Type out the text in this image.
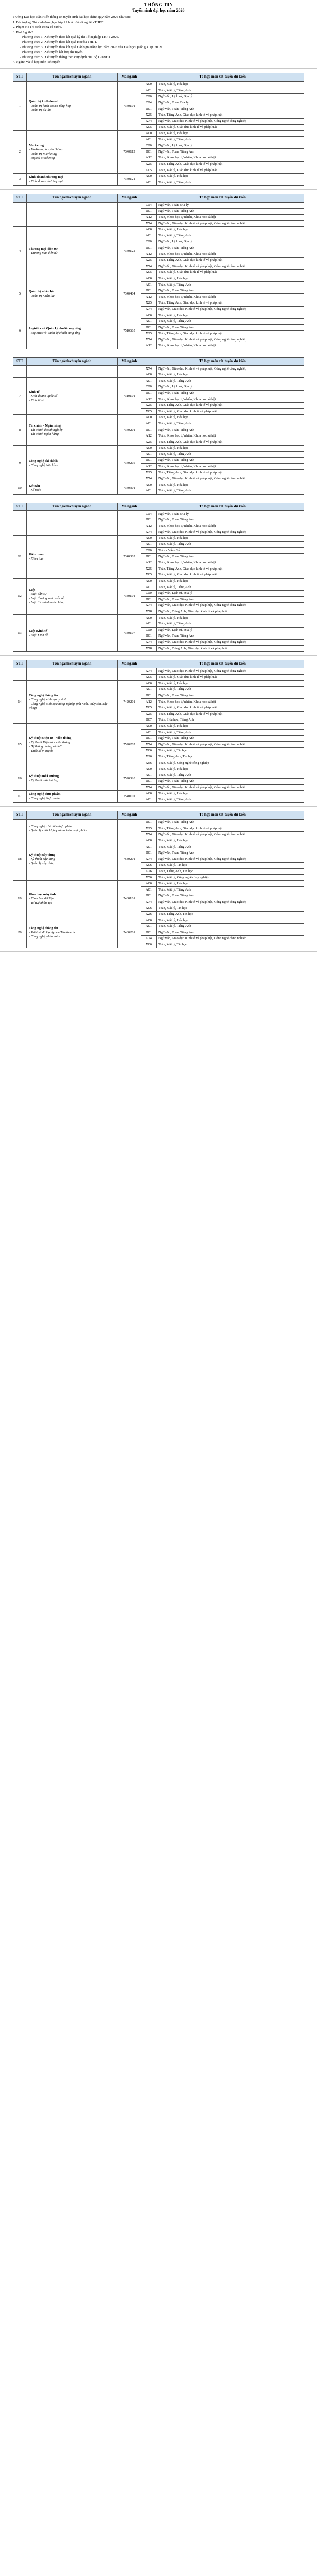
THÔNG TIN
Tuyển sinh đại học năm 2026

Trường Đại học Văn Hiến thông tin tuyển sinh đại học chính quy năm 2026 như sau:

1. Đối tượng: Thí sinh đang học lớp 12 hoặc đã tốt nghiệp THPT.

2. Phạm vi: Thí sinh trong cả nước.

3. Phương thức:

- Phương thức 1: Xét tuyển theo kết quả kỳ thi Tốt nghiệp THPT 2026.

- Phương thức 2: Xét tuyển theo kết quả Học bạ THPT.

- Phương thức 3: Xét tuyển theo kết quả Đánh giá năng lực năm 2026 của Đại học Quốc gia Tp. HCM.

- Phương thức 4: Xét tuyển kết hợp thi tuyển.

- Phương thức 5: Xét tuyển thẳng theo quy định của Bộ GD&ĐT.

4. Ngành và tổ hợp môn xét tuyển

STT	Tên ngành/chuyên ngành	Mã ngành	Tổ hợp môn xét tuyển dự kiến	
1	Quản trị kinh doanh
- Quản trị kinh doanh tổng hợp
- Quản trị dự án	7340101	A00	Toán, Vật lý, Hóa học
			A01	Toán, Vật lý, Tiếng Anh
			C00	Ngữ văn, Lịch sử, Địa lý
			C04	Ngữ văn, Toán, Địa lý
			D01	Ngữ văn, Toán, Tiếng Anh
			X25	Toán, Tiếng Anh, Giáo dục kinh tế và pháp luật
			X74	Ngữ văn, Giáo dục Kinh tế và pháp luật, Công nghệ công nghiệp
			X05	Toán, Vật lý, Giáo dục kinh tế và pháp luật
2	Marketing
- Marketing truyền thông
- Quản trị Marketing
- Digital Marketing	7340115	A00	Toán, Vật lý, Hóa học
			A01	Toán, Vật lý, Tiếng Anh
			C00	Ngữ văn, Lịch sử, Địa lý
			D01	Ngữ văn, Toán, Tiếng Anh
			A12	Toán, Khoa học tự nhiên, Khoa học xã hội
			X25	Toán, Tiếng Anh, Giáo dục kinh tế và pháp luật
			X05	Toán, Vật lý, Giáo dục kinh tế và pháp luật
3	Kinh doanh thương mại
- Kinh doanh thương mại	7340121	A00	Toán, Vật lý, Hóa học
			A01	Toán, Vật lý, Tiếng Anh
STT	Tên ngành/chuyên ngành	Mã ngành	Tổ hợp môn xét tuyển dự kiến	
			C04	Ngữ văn, Toán, Địa lý
			D01	Ngữ văn, Toán, Tiếng Anh
			A12	Toán, Khoa học tự nhiên, Khoa học xã hội
			X74	Ngữ văn, Giáo dục Kinh tế và pháp luật, Công nghệ công nghiệp
4	Thương mại điện tử
- Thương mại điện tử	7340122	A00	Toán, Vật lý, Hóa học
			A01	Toán, Vật lý, Tiếng Anh
			C00	Ngữ văn, Lịch sử, Địa lý
			D01	Ngữ văn, Toán, Tiếng Anh
			A12	Toán, Khoa học tự nhiên, Khoa học xã hội
			X25	Toán, Tiếng Anh, Giáo dục kinh tế và pháp luật
			X74	Ngữ văn, Giáo dục Kinh tế và pháp luật, Công nghệ công nghiệp
			X05	Toán, Vật lý, Giáo dục kinh tế và pháp luật
5	Quản trị nhân lực
- Quản trị nhân lực	7340404	A00	Toán, Vật lý, Hóa học
			A01	Toán, Vật lý, Tiếng Anh
			D01	Ngữ văn, Toán, Tiếng Anh
			A12	Toán, Khoa học tự nhiên, Khoa học xã hội
			X25	Toán, Tiếng Anh, Giáo dục kinh tế và pháp luật
			X74	Ngữ văn, Giáo dục Kinh tế và pháp luật, Công nghệ công nghiệp
6	Logistics và Quản lý chuỗi cung ứng
- Logistics và Quản lý chuỗi cung ứng	7510605	A00	Toán, Vật lý, Hóa học
			A01	Toán, Vật lý, Tiếng Anh
			D01	Ngữ văn, Toán, Tiếng Anh
			X25	Toán, Tiếng Anh, Giáo dục kinh tế và pháp luật
			X74	Ngữ văn, Giáo dục Kinh tế và pháp luật, Công nghệ công nghiệp
			A12	Toán, Khoa học tự nhiên, Khoa học xã hội
STT	Tên ngành/chuyên ngành	Mã ngành	Tổ hợp môn xét tuyển dự kiến	
			X74	Ngữ văn, Giáo dục Kinh tế và pháp luật, Công nghệ công nghiệp
			A00	Toán, Vật lý, Hóa học
7	Kinh tế
- Kinh doanh quốc tế
- Kinh tế số	7310101	A01	Toán, Vật lý, Tiếng Anh
			C00	Ngữ văn, Lịch sử, Địa lý
			D01	Ngữ văn, Toán, Tiếng Anh
			A12	Toán, Khoa học tự nhiên, Khoa học xã hội
			X25	Toán, Tiếng Anh, Giáo dục kinh tế và pháp luật
			X05	Toán, Vật lý, Giáo dục kinh tế và pháp luật
8	Tài chính - Ngân hàng
- Tài chính doanh nghiệp
- Tài chính ngân hàng	7340201	A00	Toán, Vật lý, Hóa học
			A01	Toán, Vật lý, Tiếng Anh
			D01	Ngữ văn, Toán, Tiếng Anh
			A12	Toán, Khoa học tự nhiên, Khoa học xã hội
			X25	Toán, Tiếng Anh, Giáo dục kinh tế và pháp luật
9	Công nghệ tài chính
- Công nghệ tài chính	7340205	A00	Toán, Vật lý, Hóa học
			A01	Toán, Vật lý, Tiếng Anh
			D01	Ngữ văn, Toán, Tiếng Anh
			A12	Toán, Khoa học tự nhiên, Khoa học xã hội
			X25	Toán, Tiếng Anh, Giáo dục kinh tế và pháp luật
			X74	Ngữ văn, Giáo dục Kinh tế và pháp luật, Công nghệ công nghiệp
10	Kế toán
- Kế toán	7340301	A00	Toán, Vật lý, Hóa học
			A01	Toán, Vật lý, Tiếng Anh
STT	Tên ngành/chuyên ngành	Mã ngành	Tổ hợp môn xét tuyển dự kiến	
			C04	Ngữ văn, Toán, Địa lý
			D01	Ngữ văn, Toán, Tiếng Anh
			A12	Toán, Khoa học tự nhiên, Khoa học xã hội
			X74	Ngữ văn, Giáo dục Kinh tế và pháp luật, Công nghệ công nghiệp
11	Kiểm toán
- Kiểm toán	7340302	A00	Toán, Vật lý, Hóa học
			A01	Toán, Vật lý, Tiếng Anh
			C00	Toán - Văn - Sử
			D01	Ngữ văn, Toán, Tiếng Anh
			A12	Toán, Khoa học tự nhiên, Khoa học xã hội
			X25	Toán, Tiếng Anh, Giáo dục kinh tế và pháp luật
			X05	Toán, Vật lý, Giáo dục kinh tế và pháp luật
12	Luật
- Luật dân sự
- Luật thương mại quốc tế
- Luật tài chính ngân hàng	7380101	A00	Toán, Vật lý, Hóa học
			A01	Toán, Vật lý, Tiếng Anh
			C00	Ngữ văn, Lịch sử, Địa lý
			D01	Ngữ văn, Toán, Tiếng Anh
			X74	Ngữ văn, Giáo dục Kinh tế và pháp luật, Công nghệ công nghiệp
			X78	Ngữ văn, Tiếng Anh, Giáo dục kinh tế và pháp luật
13	Luật Kinh tế
- Luật Kinh tế	7380107	A00	Toán, Vật lý, Hóa học
			A01	Toán, Vật lý, Tiếng Anh
			C00	Ngữ văn, Lịch sử, Địa lý
			D01	Ngữ văn, Toán, Tiếng Anh
			X74	Ngữ văn, Giáo dục Kinh tế và pháp luật, Công nghệ công nghiệp
			X78	Ngữ văn, Tiếng Anh, Giáo dục kinh tế và pháp luật
STT	Tên ngành/chuyên ngành	Mã ngành	Tổ hợp môn xét tuyển dự kiến	
			X74	Ngữ văn, Giáo dục Kinh tế và pháp luật, Công nghệ công nghiệp
			X05	Toán, Vật lý, Giáo dục kinh tế và pháp luật
14	Công nghệ thông tin
- Công nghệ sinh học y sinh
- Công nghệ sinh học nông nghiệp (vật nuôi, thủy sản, cây trồng)	7420201	A00	Toán, Vật lý, Hóa học
			A01	Toán, Vật lý, Tiếng Anh
			D01	Ngữ văn, Toán, Tiếng Anh
			A12	Toán, Khoa học tự nhiên, Khoa học xã hội
			X05	Toán, Vật lý, Giáo dục kinh tế và pháp luật
			X25	Toán, Tiếng Anh, Giáo dục kinh tế và pháp luật
			D07	Toán, Hóa học, Tiếng Anh
15	Kỹ thuật Điện tử - Viễn thông
- Kỹ thuật Điện tử - viễn thông
- Hệ thống nhúng và IoT
- Thiết kế vi mạch	7520207	A00	Toán, Vật lý, Hóa học
			A01	Toán, Vật lý, Tiếng Anh
			D01	Ngữ văn, Toán, Tiếng Anh
			X74	Ngữ văn, Giáo dục Kinh tế và pháp luật, Công nghệ công nghiệp
			X06	Toán, Vật lý, Tin học
			X26	Toán, Tiếng Anh, Tin học
			X56	Toán, Vật lý, Công nghệ công nghiệp
16	Kỹ thuật môi trường
- Kỹ thuật môi trường	7520320	A00	Toán, Vật lý, Hóa học
			A01	Toán, Vật lý, Tiếng Anh
			D01	Ngữ văn, Toán, Tiếng Anh
			X74	Ngữ văn, Giáo dục Kinh tế và pháp luật, Công nghệ công nghiệp
17	Công nghệ thực phẩm
- Công nghệ thực phẩm	7540101	A00	Toán, Vật lý, Hóa học
			A01	Toán, Vật lý, Tiếng Anh
STT	Tên ngành/chuyên ngành	Mã ngành	Tổ hợp môn xét tuyển dự kiến	

	- Công nghệ chế biến thực phẩm
- Quản lý chất lượng và an toàn thực phẩm		D01	Ngữ văn, Toán, Tiếng Anh
			X25	Toán, Tiếng Anh, Giáo dục kinh tế và pháp luật
			X74	Ngữ văn, Giáo dục Kinh tế và pháp luật, Công nghệ công nghiệp
18	Kỹ thuật xây dựng
- Kỹ thuật xây dựng
- Quản lý xây dựng	7580201	A00	Toán, Vật lý, Hóa học
			A01	Toán, Vật lý, Tiếng Anh
			D01	Ngữ văn, Toán, Tiếng Anh
			X74	Ngữ văn, Giáo dục Kinh tế và pháp luật, Công nghệ công nghiệp
			X06	Toán, Vật lý, Tin học
			X26	Toán, Tiếng Anh, Tin học
			X56	Toán, Vật lý, Công nghệ công nghiệp
19	Khoa học máy tính
- Khoa học dữ liệu
- Trí tuệ nhân tạo	7480101	A00	Toán, Vật lý, Hóa học
			A01	Toán, Vật lý, Tiếng Anh
			D01	Ngữ văn, Toán, Tiếng Anh
			X74	Ngữ văn, Giáo dục Kinh tế và pháp luật, Công nghệ công nghiệp
			X06	Toán, Vật lý, Tin học
			X26	Toán, Tiếng Anh, Tin học
20	Công nghệ thông tin
- Thiết kế đồ họa/game/Multimedia
- Công nghệ phần mềm	7480201	A00	Toán, Vật lý, Hóa học
			A01	Toán, Vật lý, Tiếng Anh
			D01	Ngữ văn, Toán, Tiếng Anh
			X74	Ngữ văn, Giáo dục Kinh tế và pháp luật, Công nghệ công nghiệp
			X06	Toán, Vật lý, Tin học
